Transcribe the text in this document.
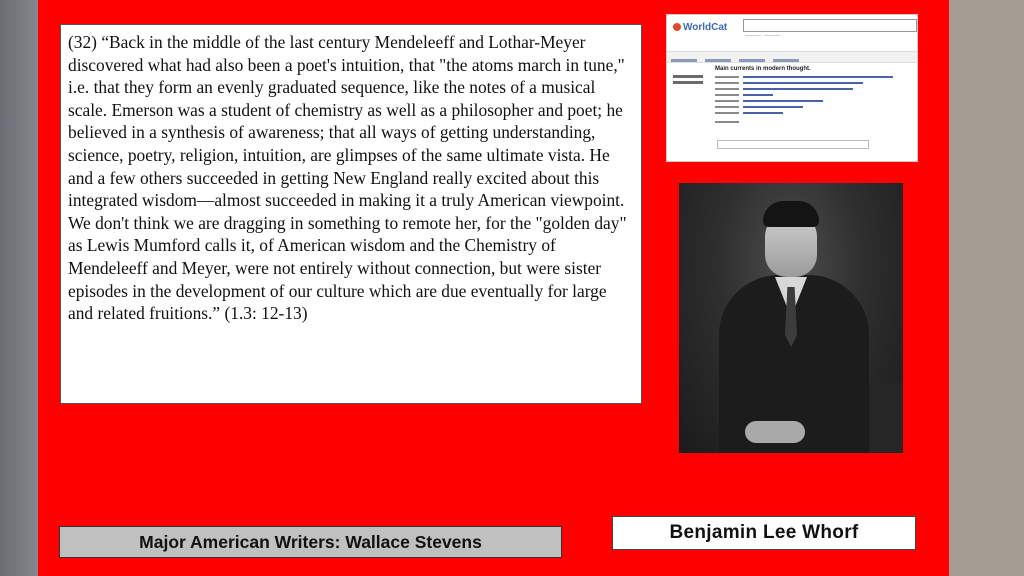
(32) “Back in the middle of the last century Mendeleeff and Lothar-Meyer discovered what had also been a poet's intuition, that "the atoms march in tune," i.e. that they form an evenly graduated sequence, like the notes of a musical scale. Emerson was a student of chemistry as well as a philosopher and poet; he believed in a synthesis of awareness; that all ways of getting understanding, science, poetry, religion, intuition, are glimpses of the same ultimate vista. He and a few others succeeded in getting New England really excited about this integrated wisdom—almost succeeded in making it a truly American viewpoint. We don't think we are dragging in something to remote her, for the "golden day" as Lewis Mumford calls it, of American wisdom and the Chemistry of Mendeleeff and Meyer, were not entirely without connection, but were sister episodes in the development of our culture which are due eventually for large and related fruitions.” (1.3: 12-13)
WorldCat
————   ————
Main currents in modern thought.
Benjamin Lee Whorf
Major American Writers: Wallace Stevens
